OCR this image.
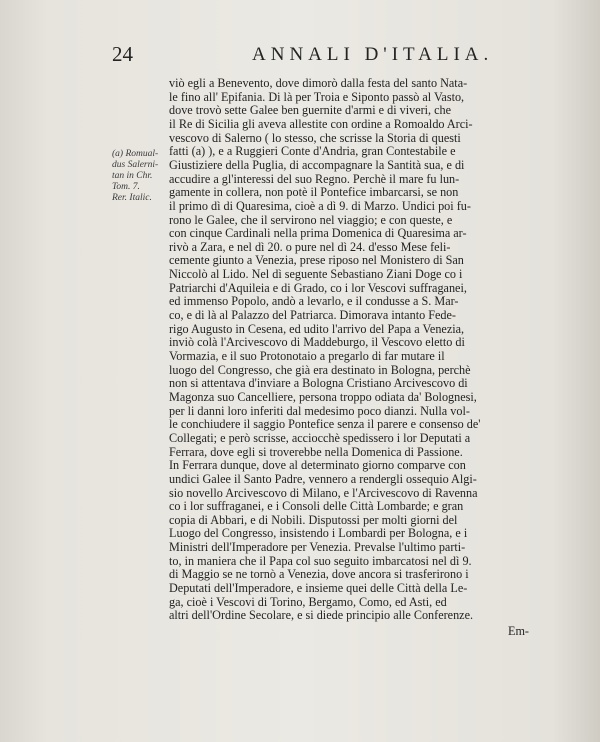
24	ANNALI D'ITALIA.
(a) Romual-
dus Salerni-
tan in Chr.
Tom. 7.
Rer. Italic.
viò egli a Benevento, dove dimorò dalla festa del santo Nata-
le fino all' Epifania. Di là per Troia e Siponto passò al Vasto,
dove trovò sette Galee ben guernite d'armi e di viveri, che
il Re di Sicilia gli aveva allestite con ordine a Romoaldo Arci-
vescovo di Salerno ( lo stesso, che scrisse la Storia di questi
fatti (a) ), e a Ruggieri Conte d'Andria, gran Contestabile e
Giustiziere della Puglia, di accompagnare la Santità sua, e di
accudire a gl'interessi del suo Regno. Perchè il mare fu lun-
gamente in collera, non potè il Pontefice imbarcarsi, se non
il primo dì di Quaresima, cioè a dì 9. di Marzo. Undici poi fu-
rono le Galee, che il servirono nel viaggio; e con queste, e
con cinque Cardinali nella prima Domenica di Quaresima ar-
rivò a Zara, e nel dì 20. o pure nel dì 24. d'esso Mese feli-
cemente giunto a Venezia, prese riposo nel Monistero di San
Niccolò al Lido. Nel dì seguente Sebastiano Ziani Doge co i
Patriarchi d'Aquileia e di Grado, co i lor Vescovi suffraganei,
ed immenso Popolo, andò a levarlo, e il condusse a S. Mar-
co, e di là al Palazzo del Patriarca. Dimorava intanto Fede-
rigo Augusto in Cesena, ed udito l'arrivo del Papa a Venezia,
inviò colà l'Arcivescovo di Maddeburgo, il Vescovo eletto di
Vormazia, e il suo Protonotaio a pregarlo di far mutare il
luogo del Congresso, che già era destinato in Bologna, perchè
non si attentava d'inviare a Bologna Cristiano Arcivescovo di
Magonza suo Cancelliere, persona troppo odiata da' Bolognesi,
per li danni loro inferiti dal medesimo poco dianzi. Nulla vol-
le conchiudere il saggio Pontefice senza il parere e consenso de'
Collegati; e però scrisse, acciocchè spedissero i lor Deputati a
Ferrara, dove egli si troverebbe nella Domenica di Passione.
In Ferrara dunque, dove al determinato giorno comparve con
undici Galee il Santo Padre, vennero a rendergli ossequio Algi-
sio novello Arcivescovo di Milano, e l'Arcivescovo di Ravenna
co i lor suffraganei, e i Consoli delle Città Lombarde; e gran
copia di Abbari, e di Nobili. Disputossi per molti giorni del
Luogo del Congresso, insistendo i Lombardi per Bologna, e i
Ministri dell'Imperadore per Venezia. Prevalse l'ultimo parti-
to, in maniera che il Papa col suo seguito imbarcatosi nel dì 9.
di Maggio se ne tornò a Venezia, dove ancora si trasferirono i
Deputati dell'Imperadore, e insieme quei delle Città della Le-
ga, cioè i Vescovi di Torino, Bergamo, Como, ed Asti, ed
altri dell'Ordine Secolare, e si diede principio alle Conferenze.
Em-
